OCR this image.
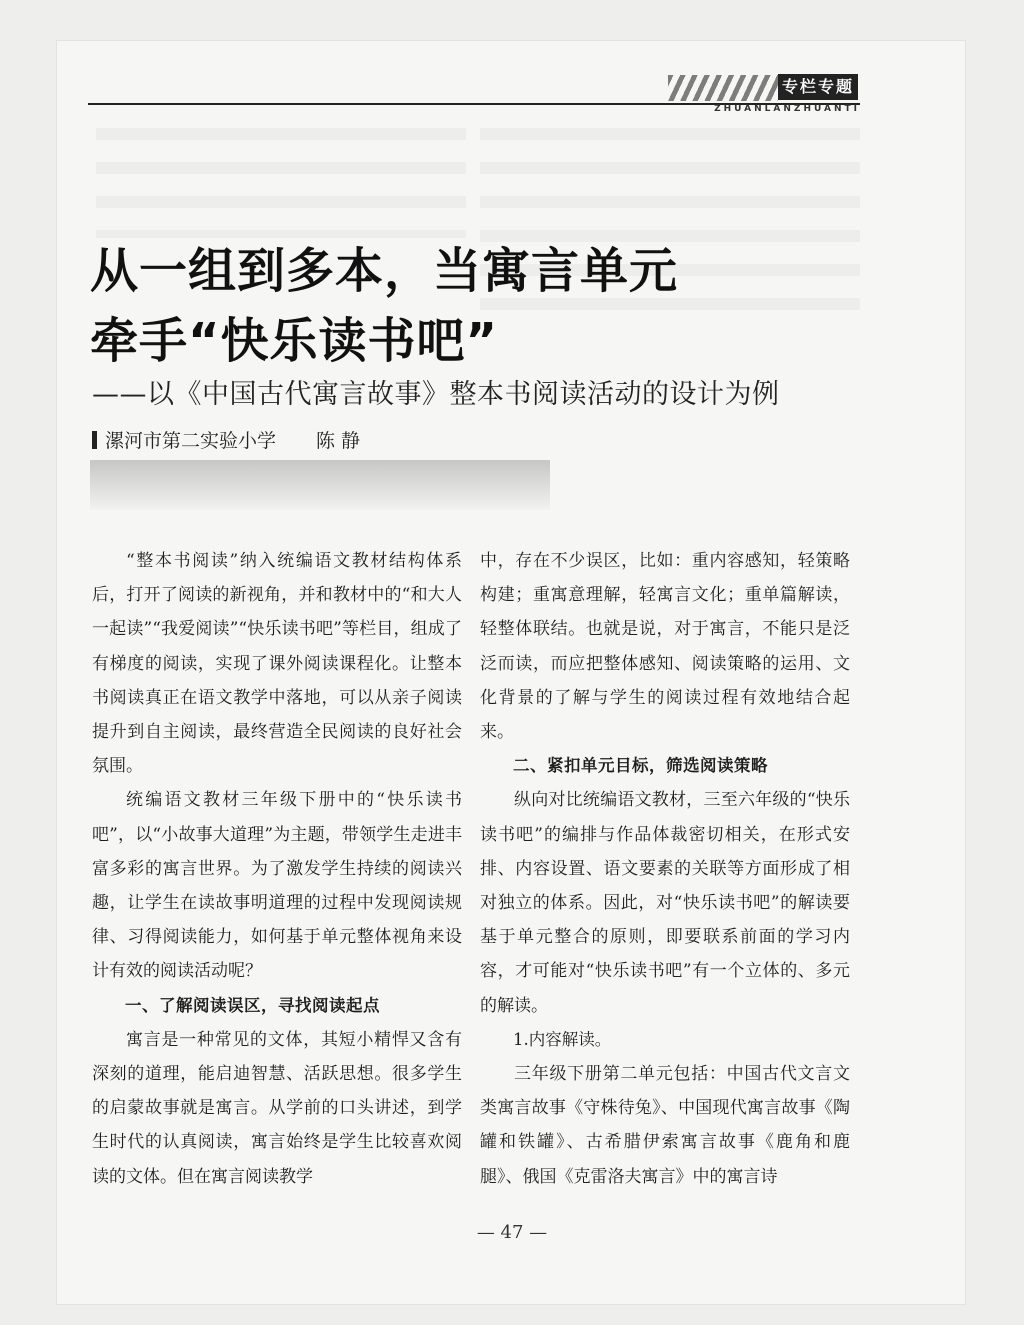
专栏专题
ZHUANLANZHUANTI
从一组到多本，当寓言单元
牵手“快乐读书吧”
——以《中国古代寓言故事》整本书阅读活动的设计为例
漯河市第二实验小学 陈 静

“整本书阅读”纳入统编语文教材结构体系后，打开了阅读的新视角，并和教材中的“和大人一起读”“我爱阅读”“快乐读书吧”等栏目，组成了有梯度的阅读，实现了课外阅读课程化。让整本书阅读真正在语文教学中落地，可以从亲子阅读提升到自主阅读，最终营造全民阅读的良好社会氛围。

统编语文教材三年级下册中的“快乐读书吧”，以“小故事大道理”为主题，带领学生走进丰富多彩的寓言世界。为了激发学生持续的阅读兴趣，让学生在读故事明道理的过程中发现阅读规律、习得阅读能力，如何基于单元整体视角来设计有效的阅读活动呢？

一、了解阅读误区，寻找阅读起点

寓言是一种常见的文体，其短小精悍又含有深刻的道理，能启迪智慧、活跃思想。很多学生的启蒙故事就是寓言。从学前的口头讲述，到学生时代的认真阅读，寓言始终是学生比较喜欢阅读的文体。但在寓言阅读教学

中，存在不少误区，比如：重内容感知，轻策略构建；重寓意理解，轻寓言文化；重单篇解读，轻整体联结。也就是说，对于寓言，不能只是泛泛而读，而应把整体感知、阅读策略的运用、文化背景的了解与学生的阅读过程有效地结合起来。

二、紧扣单元目标，筛选阅读策略

纵向对比统编语文教材，三至六年级的“快乐读书吧”的编排与作品体裁密切相关，在形式安排、内容设置、语文要素的关联等方面形成了相对独立的体系。因此，对“快乐读书吧”的解读要基于单元整合的原则，即要联系前面的学习内容，才可能对“快乐读书吧”有一个立体的、多元的解读。

1.内容解读。

三年级下册第二单元包括：中国古代文言文类寓言故事《守株待兔》、中国现代寓言故事《陶罐和铁罐》、古希腊伊索寓言故事《鹿角和鹿腿》、俄国《克雷洛夫寓言》中的寓言诗

— 47 —
